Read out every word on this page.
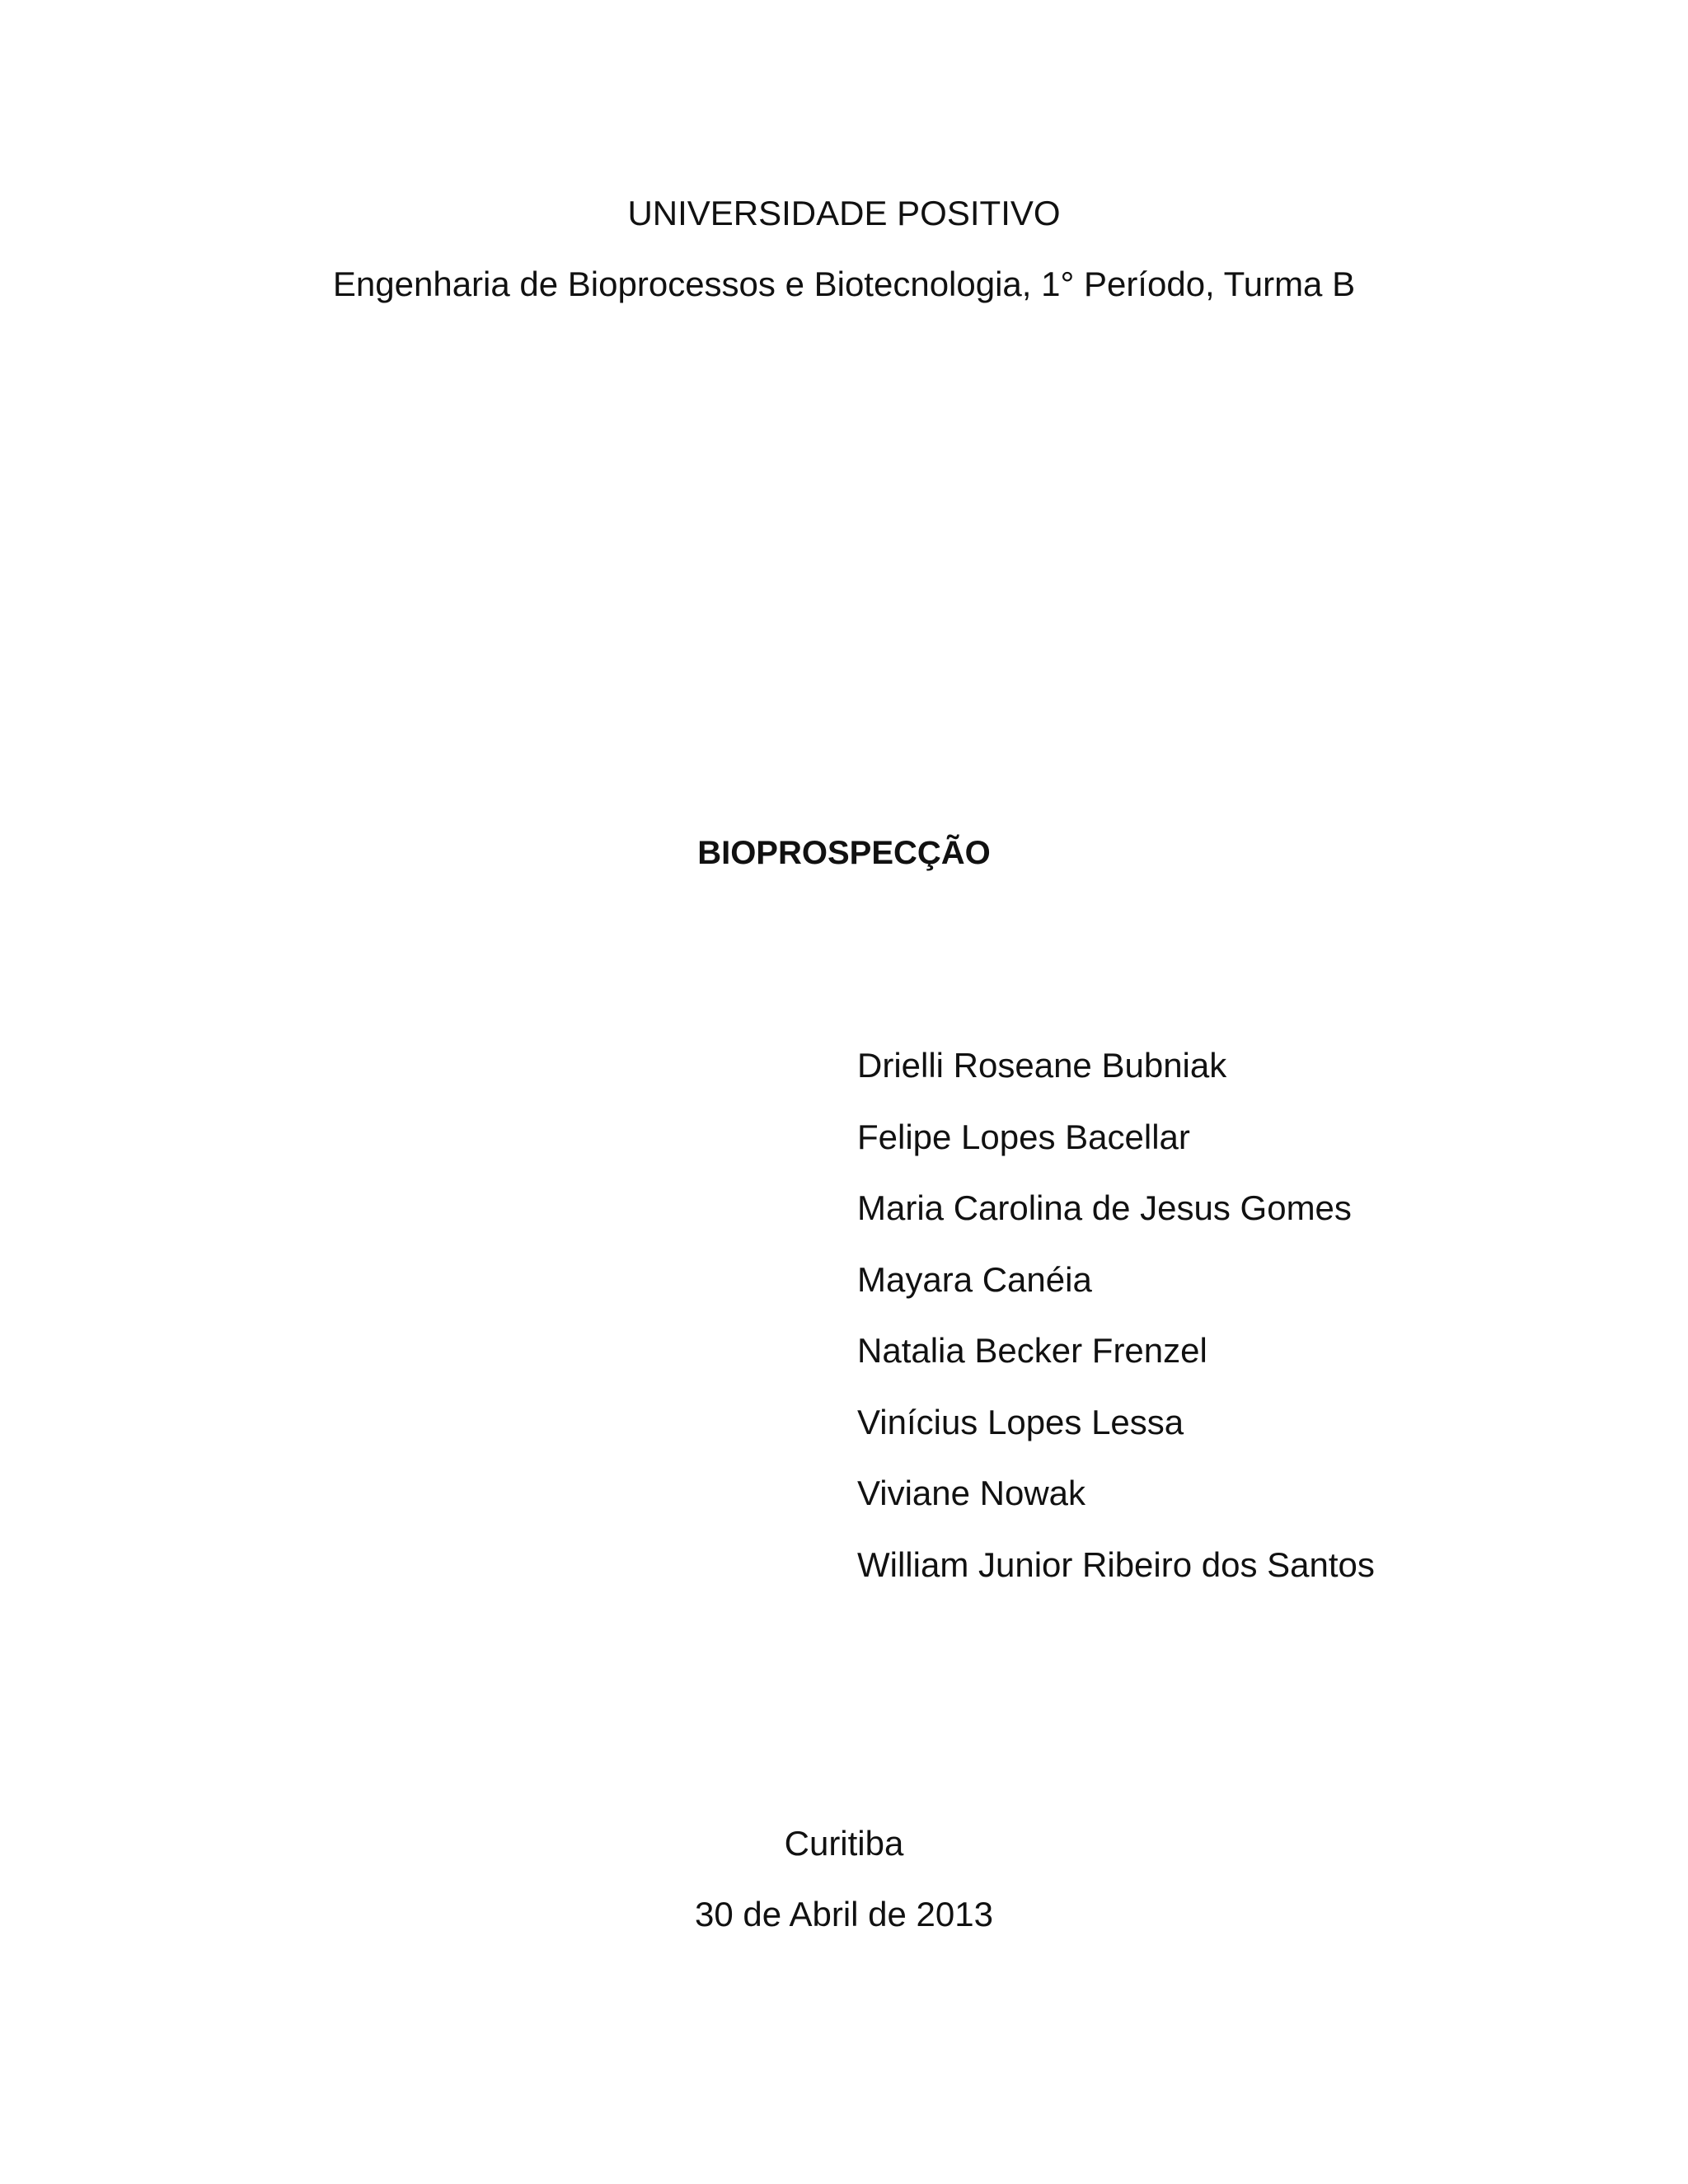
UNIVERSIDADE POSITIVO
Engenharia de Bioprocessos e Biotecnologia, 1° Período, Turma B
BIOPROSPECÇÃO
Drielli Roseane Bubniak
Felipe Lopes Bacellar
Maria Carolina de Jesus Gomes
Mayara Canéia
Natalia Becker Frenzel
Vinícius Lopes Lessa
Viviane Nowak
William Junior Ribeiro dos Santos
Curitiba
30 de Abril de 2013
